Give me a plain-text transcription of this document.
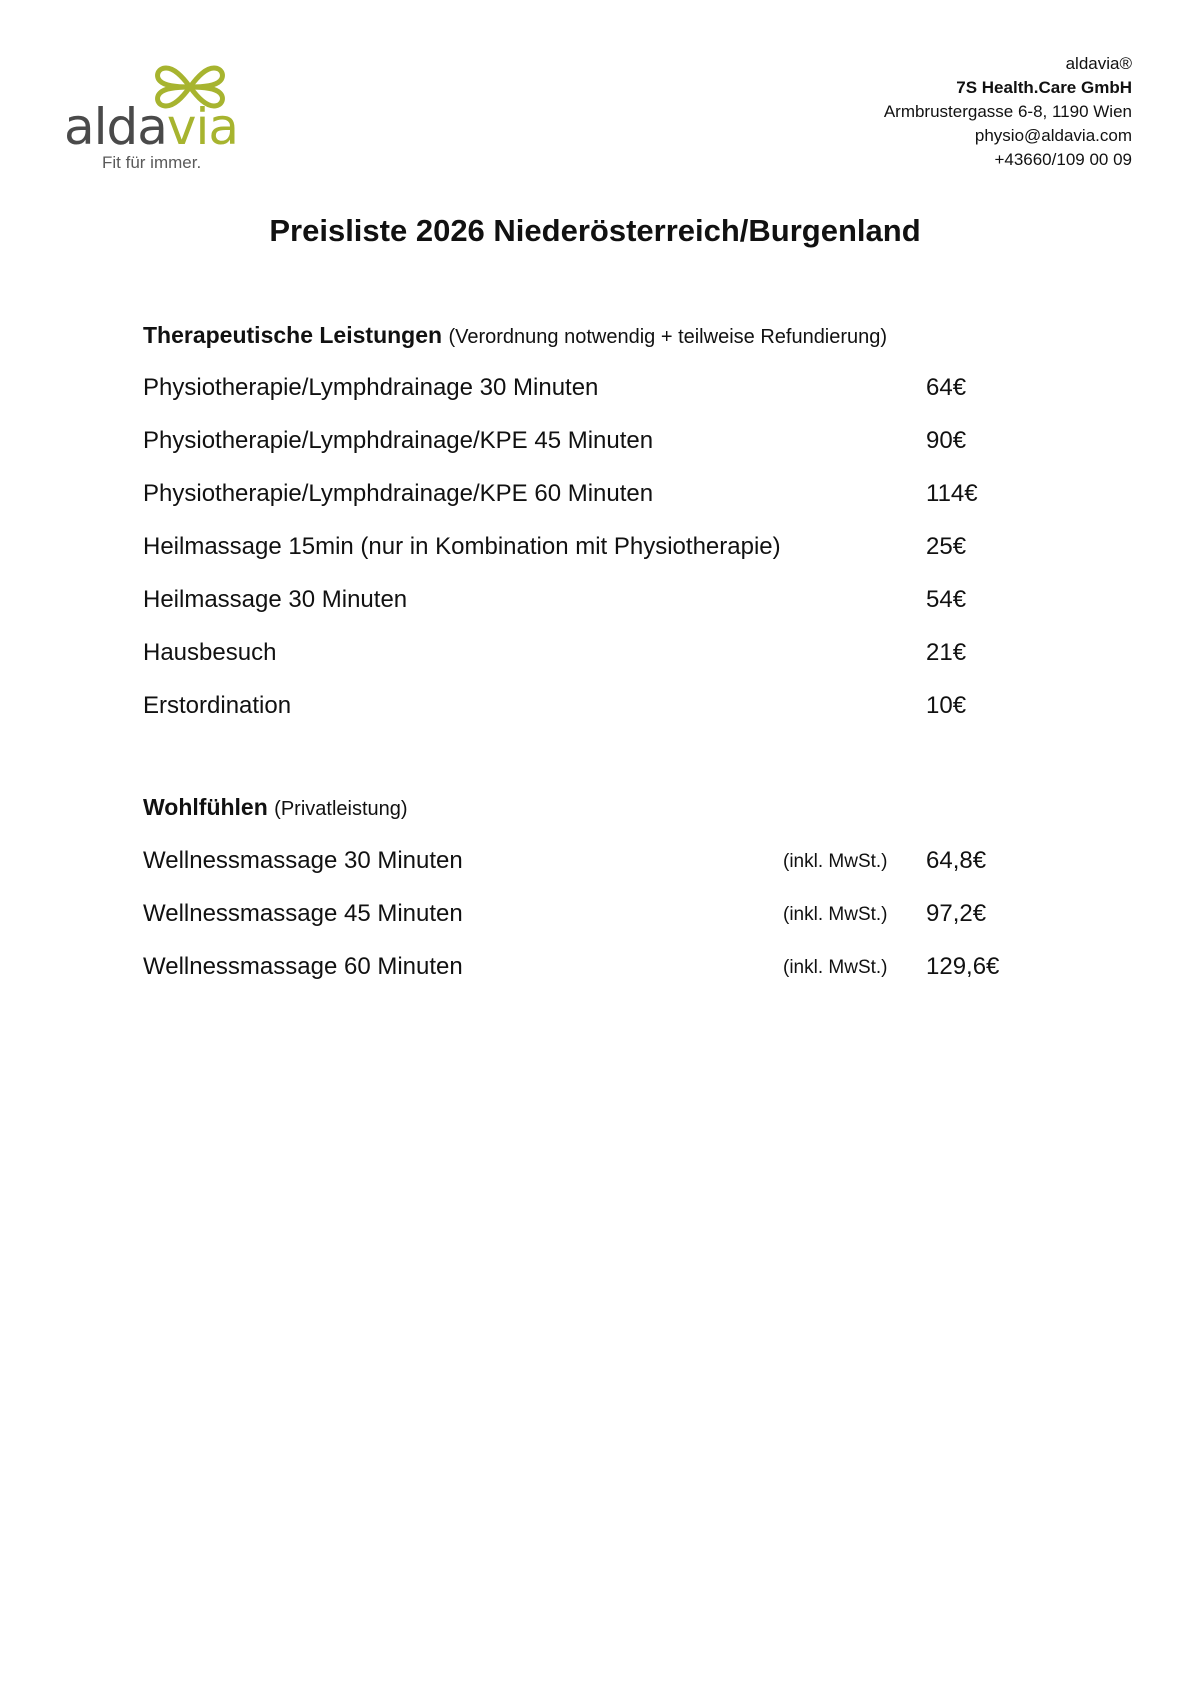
aldavia
Fit für immer.
aldavia®
7S Health.Care GmbH
Armbrustergasse 6-8, 1190 Wien
physio@aldavia.com
+43660/109 00 09
Preisliste 2026 Niederösterreich/Burgenland
Therapeutische Leistungen (Verordnung notwendig + teilweise Refundierung)
Physiotherapie/Lymphdrainage 30 Minuten	64€
Physiotherapie/Lymphdrainage/KPE 45 Minuten	90€
Physiotherapie/Lymphdrainage/KPE 60 Minuten	114€
Heilmassage 15min (nur in Kombination mit Physiotherapie)	25€
Heilmassage 30 Minuten	54€
Hausbesuch	21€
Erstordination	10€
Wohlfühlen (Privatleistung)
Wellnessmassage 30 Minuten	(inkl. MwSt.) 64,8€
Wellnessmassage 45 Minuten	(inkl. MwSt.) 97,2€
Wellnessmassage 60 Minuten	(inkl. MwSt.) 129,6€
